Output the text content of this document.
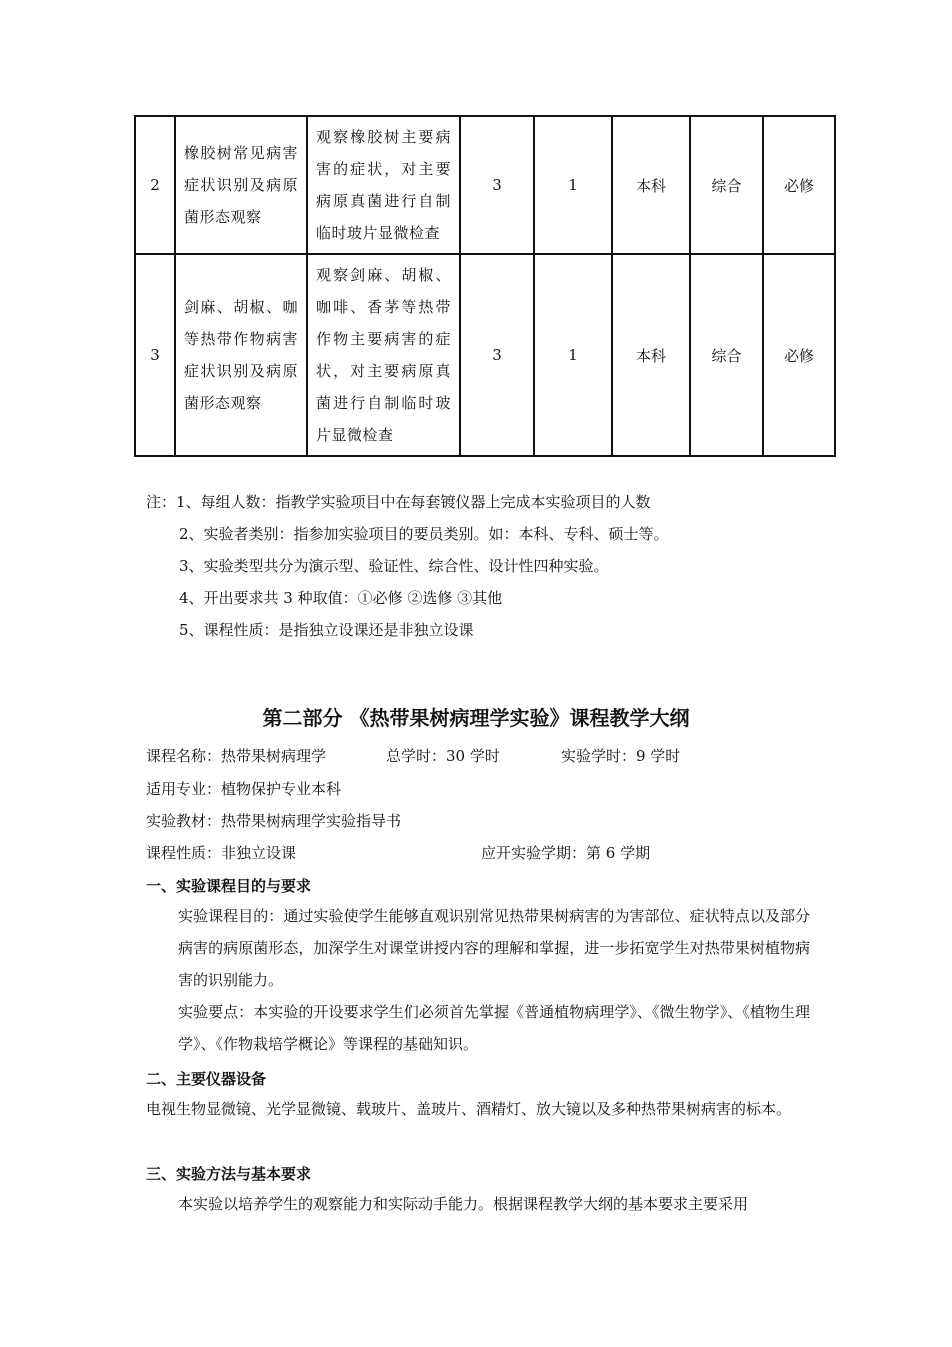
2	橡胶树常见病害症状识别及病原菌形态观察	观察橡胶树主要病害的症状，对主要病原真菌进行自制临时玻片显微检查	3	1	本科	综合	必修
3	剑麻、胡椒、咖等热带作物病害症状识别及病原菌形态观察	观察剑麻、胡椒、咖啡、香茅等热带作物主要病害的症状，对主要病原真菌进行自制临时玻片显微检查	3	1	本科	综合	必修
注：1、每组人数：指教学实验项目中在每套镀仪器上完成本实验项目的人数
2、实验者类别：指参加实验项目的要员类别。如：本科、专科、硕士等。
3、实验类型共分为演示型、验证性、综合性、设计性四种实验。
4、开出要求共 3 种取值：①必修 ②选修 ③其他
5、课程性质：是指独立设课还是非独立设课
第二部分 《热带果树病理学实验》课程教学大纲
课程名称：热带果树病理学	总学时：30 学时	实验学时：9 学时
适用专业：植物保护专业本科
实验教材：热带果树病理学实验指导书
课程性质：非独立设课	应开实验学期：第 6 学期
一、实验课程目的与要求
实验课程目的：通过实验使学生能够直观识别常见热带果树病害的为害部位、症状特点以及部分病害的病原菌形态，加深学生对课堂讲授内容的理解和掌握，进一步拓宽学生对热带果树植物病害的识别能力。
实验要点：本实验的开设要求学生们必须首先掌握《普通植物病理学》、《微生物学》、《植物生理学》、《作物栽培学概论》等课程的基础知识。
二、主要仪器设备
电视生物显微镜、光学显微镜、载玻片、盖玻片、酒精灯、放大镜以及多种热带果树病害的标本。
三、实验方法与基本要求
本实验以培养学生的观察能力和实际动手能力。根据课程教学大纲的基本要求主要采用
